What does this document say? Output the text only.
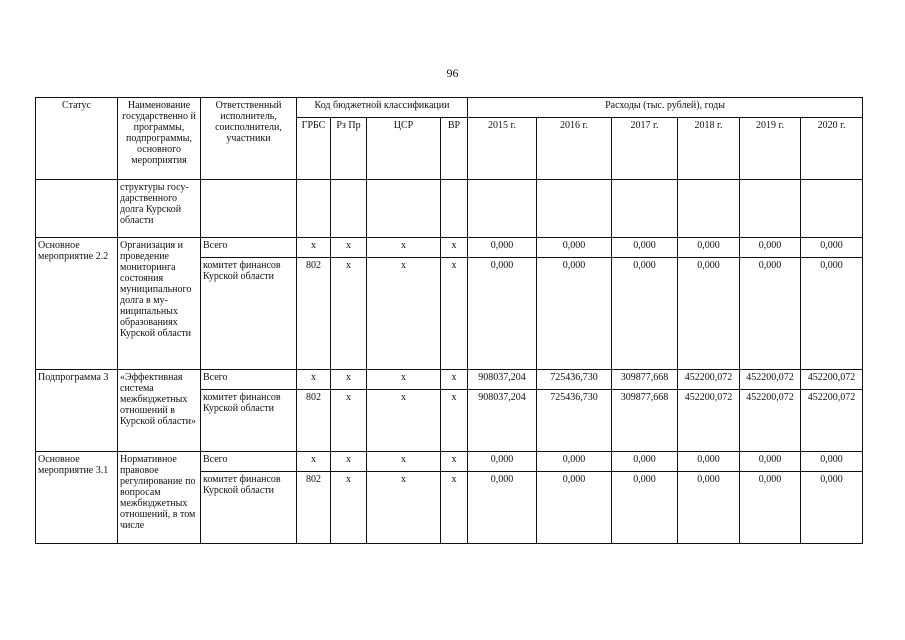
96
Статус	Наименование государственно й программы, подпрограммы, основного мероприятия	Ответственный исполнитель, соисполнители, участники	Код бюджетной классификации				Расходы (тыс. рублей), годы					
			ГРБС	Рз Пр	ЦСР	ВР	2015 г.	2016 г.	2017 г.	2018 г.	2019 г.	2020 г.
	структуры госу-дарственного долга Курской области											
Основное мероприятие 2.2	Организация и проведение мониторинга состояния муниципального долга в му-ниципальных образованиях Курской области	Всего	х	х	х	х	0,000	0,000	0,000	0,000	0,000	0,000
		комитет финансов Курской области	802	х	х	х	0,000	0,000	0,000	0,000	0,000	0,000
Подпрограмма 3	«Эффективная система межбюджетных отношений в Курской области»	Всего	х	х	х	х	908037,204	725436,730	309877,668	452200,072	452200,072	452200,072
		комитет финансов Курской области	802	х	х	х	908037,204	725436,730	309877,668	452200,072	452200,072	452200,072
Основное мероприятие 3.1	Нормативное правовое регулирование по вопросам межбюджетных отношений, в том числе	Всего	х	х	х	х	0,000	0,000	0,000	0,000	0,000	0,000
		комитет финансов Курской области	802	х	х	х	0,000	0,000	0,000	0,000	0,000	0,000
